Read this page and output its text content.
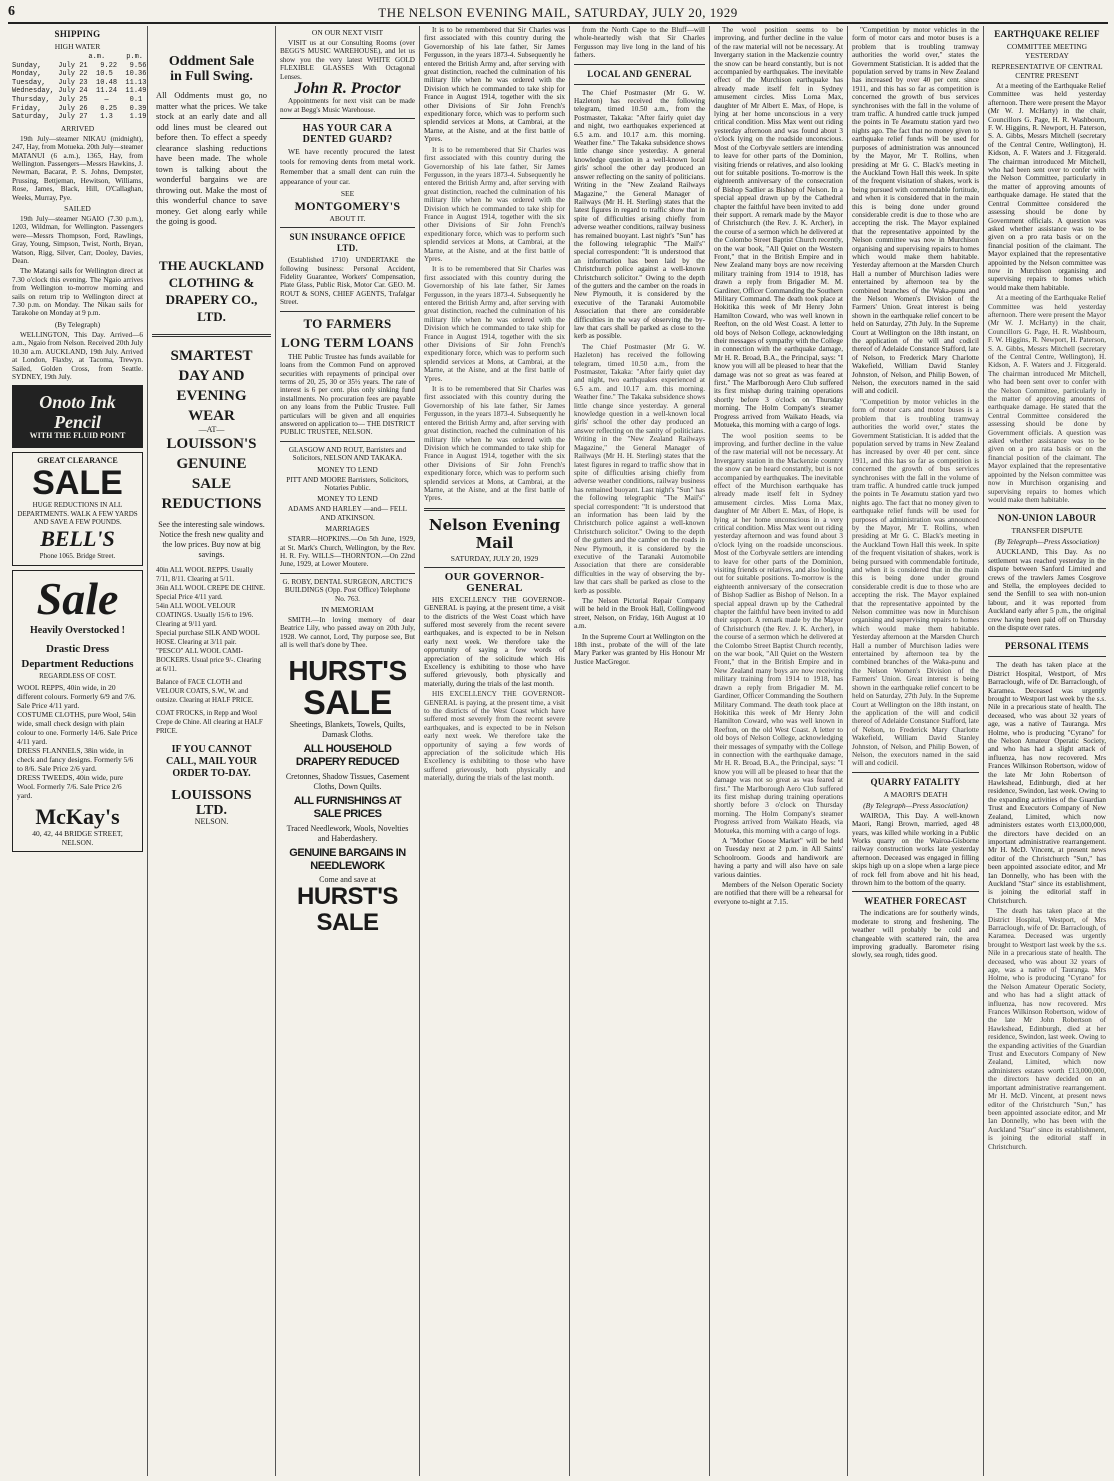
6	THE NELSON EVENING MAIL, SATURDAY, JULY 20, 1929
SHIPPING
HIGH WATER
a.m.     p.m.
Sunday,    July 21   9.22   9.56
Monday,    July 22  10.5   10.36
Tuesday,   July 23  10.48  11.13
Wednesday, July 24  11.24  11.49
Thursday,  July 25    —     0.1
Friday,    July 26   0.25   0.39
Saturday,  July 27   1.3    1.19
ARRIVED

19th July—steamer NIKAU (midnight), 247, Hay, from Motueka. 20th July—steamer MATANUI (6 a.m.), 1365, Hay, from Wellington. Passengers—Messrs Hawkins, J. Newman, Bacarat, P. S. Johns, Dempster, Prussing, Bettjeman, Hewitson, Williams, Rose, James, Black, Hill, O'Callaghan, Weeks, Murray, Pye.

SAILED

19th July—steamer NGAIO (7.30 p.m.), 1203, Wildman, for Wellington. Passengers were—Messrs Thompson, Ford, Rawlings, Gray, Young, Simpson, Twist, North, Bryan, Watson, Rigg, Silver, Carr, Dooley, Davies, Dean.

The Matangi sails for Wellington direct at 7.30 o'clock this evening. The Ngaio arrives from Wellington to-morrow morning and sails on return trip to Wellington direct at 7.30 p.m. on Monday. The Nikau sails for Tarakohe on Monday at 9 p.m.

(By Telegraph)

WELLINGTON, This Day. Arrived—6 a.m., Ngaio from Nelson. Received 20th July 10.30 a.m. AUCKLAND, 19th July. Arrived at London, Flaxby, at Tacoma, Trewyn. Sailed, Golden Cross, from Seattle. SYDNEY, 19th July.

Onoto Ink Pencil
WITH THE FLUID POINT
GREAT CLEARANCE
SALE
HUGE REDUCTIONS IN ALL DEPARTMENTS. WALK A FEW YARDS AND SAVE A FEW POUNDS.
BELL'S
Phone 1065. Bridge Street.
Sale
Heavily Overstocked !
Drastic Dress Department Reductions
REGARDLESS OF COST.
WOOL REPPS, 40in wide, in 20 different colours. Formerly 6/9 and 7/6. Sale Price 4/11 yard.
COSTUME CLOTHS, pure Wool, 54in wide, small check design with plain colour to one. Formerly 14/6. Sale Price 4/11 yard.
DRESS FLANNELS, 38in wide, in check and fancy designs. Formerly 5/6 to 8/6. Sale Price 2/6 yard.
DRESS TWEEDS, 40in wide, pure Wool. Formerly 7/6. Sale Price 2/6 yard.
McKay's
40, 42, 44 BRIDGE STREET, NELSON.
Oddment Sale
in Full Swing.
All Oddments must go, no matter what the prices. We take stock at an early date and all odd lines must be cleared out before then. To effect a speedy clearance slashing reductions have been made. The whole town is talking about the wonderful bargains we are throwing out. Make the most of this wonderful chance to save money. Get along early while the going is good.
THE AUCKLAND CLOTHING & DRAPERY CO., LTD.
SMARTEST DAY AND EVENING WEAR
—AT—
LOUISSON'S GENUINE SALE REDUCTIONS
See the interesting sale windows. Notice the fresh new quality and the low prices. Buy now at big savings.
40in ALL WOOL REPPS. Usually 7/11, 8/11. Clearing at 5/11.
36in ALL WOOL CREPE DE CHINE. Special Price 4/11 yard.
54in ALL WOOL VELOUR COATINGS. Usually 15/6 to 19/6. Clearing at 9/11 yard.
Special purchase SILK AND WOOL HOSE. Clearing at 3/11 pair.
"PESCO" ALL WOOL CAMI-BOCKERS. Usual price 9/-. Clearing at 6/11.
Balance of FACE CLOTH and VELOUR COATS, S.W., W. and outsize. Clearing at HALF PRICE.
COAT FROCKS, in Repp and Wool Crepe de Chine. All clearing at HALF PRICE.
IF YOU CANNOT CALL, MAIL YOUR ORDER TO-DAY.
LOUISSONS LTD.
NELSON.
ON OUR NEXT VISIT

VISIT us at our Consulting Rooms (over BEGG'S MUSIC WAREHOUSE), and let us show you the very latest WHITE GOLD FLEXIBLE GLASSES With Octagonal Lenses.

John R. Proctor

Appointments for next visit can be made now at Begg's Music Warehouse.

HAS YOUR CAR A DENTED GUARD?

WE have recently procured the latest tools for removing dents from metal work. Remember that a small dent can ruin the appearance of your car.

SEE
MONTGOMERY'S
ABOUT IT.
SUN INSURANCE OFFICE LTD.

(Established 1710) UNDERTAKE the following business: Personal Accident, Fidelity Guarantee, Workers' Compensation, Plate Glass, Public Risk, Motor Car. GEO. M. ROUT & SONS, CHIEF AGENTS, Trafalgar Street.

TO FARMERS
LONG TERM LOANS

THE Public Trustee has funds available for loans from the Common Fund on approved securities with repayments of principal over terms of 20, 25, 30 or 35½ years. The rate of interest is 6 per cent. plus only sinking fund installments. No procuration fees are payable on any loans from the Public Trustee. Full particulars will be given and all enquiries answered on application to— THE DISTRICT PUBLIC TRUSTEE, NELSON.

GLASGOW AND ROUT, Barristers and Solicitors, NELSON AND TAKAKA.

MONEY TO LEND

PITT AND MOORE Barristers, Solicitors, Notaries Public.

MONEY TO LEND

ADAMS AND HARLEY —and— FELL AND ATKINSON.

MARRIAGES

STARR—HOPKINS.—On 5th June, 1929, at St. Mark's Church, Wellington, by the Rev. H. R. Fry. WILLS—THORNTON.—On 22nd June, 1929, at Lower Moutere.

G. ROBY, DENTAL SURGEON, ARCTIC'S BUILDINGS (Opp. Post Office) Telephone No. 763.

IN MEMORIAM

SMITH.—In loving memory of dear Beatrice Lily, who passed away on 20th July, 1928. We cannot, Lord, Thy purpose see, But all is well that's done by Thee.

HURST'S
SALE
Sheetings, Blankets, Towels, Quilts, Damask Cloths.
ALL HOUSEHOLD DRAPERY REDUCED
Cretonnes, Shadow Tissues, Casement Cloths, Down Quilts.
ALL FURNISHINGS AT SALE PRICES
Traced Needlework, Wools, Novelties and Haberdashery.
GENUINE BARGAINS IN NEEDLEWORK
Come and save at
HURST'S SALE

It is to be remembered that Sir Charles was first associated with this country during the Governorship of his late father, Sir James Fergusson, in the years 1873-4. Subsequently he entered the British Army and, after serving with great distinction, reached the culmination of his military life when he was ordered with the Division which he commanded to take ship for France in August 1914, together with the six other Divisions of Sir John French's expeditionary force, which was to perform such splendid services at Mons, at Cambrai, at the Marne, at the Aisne, and at the first battle of Ypres.

It is to be remembered that Sir Charles was first associated with this country during the Governorship of his late father, Sir James Fergusson, in the years 1873-4. Subsequently he entered the British Army and, after serving with great distinction, reached the culmination of his military life when he was ordered with the Division which he commanded to take ship for France in August 1914, together with the six other Divisions of Sir John French's expeditionary force, which was to perform such splendid services at Mons, at Cambrai, at the Marne, at the Aisne, and at the first battle of Ypres.

It is to be remembered that Sir Charles was first associated with this country during the Governorship of his late father, Sir James Fergusson, in the years 1873-4. Subsequently he entered the British Army and, after serving with great distinction, reached the culmination of his military life when he was ordered with the Division which he commanded to take ship for France in August 1914, together with the six other Divisions of Sir John French's expeditionary force, which was to perform such splendid services at Mons, at Cambrai, at the Marne, at the Aisne, and at the first battle of Ypres.

It is to be remembered that Sir Charles was first associated with this country during the Governorship of his late father, Sir James Fergusson, in the years 1873-4. Subsequently he entered the British Army and, after serving with great distinction, reached the culmination of his military life when he was ordered with the Division which he commanded to take ship for France in August 1914, together with the six other Divisions of Sir John French's expeditionary force, which was to perform such splendid services at Mons, at Cambrai, at the Marne, at the Aisne, and at the first battle of Ypres.

Nelson Evening Mail
SATURDAY, JULY 20, 1929
OUR GOVERNOR-GENERAL

HIS EXCELLENCY THE GOVERNOR-GENERAL is paying, at the present time, a visit to the districts of the West Coast which have suffered most severely from the recent severe earthquakes, and is expected to be in Nelson early next week. We therefore take the opportunity of saying a few words of appreciation of the solicitude which His Excellency is exhibiting to those who have suffered grievously, both physically and materially, during the trials of the last month.

HIS EXCELLENCY THE GOVERNOR-GENERAL is paying, at the present time, a visit to the districts of the West Coast which have suffered most severely from the recent severe earthquakes, and is expected to be in Nelson early next week. We therefore take the opportunity of saying a few words of appreciation of the solicitude which His Excellency is exhibiting to those who have suffered grievously, both physically and materially, during the trials of the last month.

from the North Cape to the Bluff—will whole-heartedly wish that Sir Charles Fergusson may live long in the land of his fathers.

LOCAL AND GENERAL

The Chief Postmaster (Mr G. W. Hazleton) has received the following telegram, timed 10.50 a.m., from the Postmaster, Takaka: "After fairly quiet day and night, two earthquakes experienced at 6.5 a.m. and 10.17 a.m. this morning. Weather fine." The Takaka subsidence shows little change since yesterday. A general knowledge question in a well-known local girls' school the other day produced an answer reflecting on the sanity of politicians. Writing in the "New Zealand Railways Magazine," the General Manager of Railways (Mr H. H. Sterling) states that the latest figures in regard to traffic show that in spite of difficulties arising chiefly from adverse weather conditions, railway business has remained buoyant. Last night's "Sun" has the following telegraphic "The Mail's" special correspondent: "It is understood that an information has been laid by the Christchurch police against a well-known Christchurch solicitor." Owing to the depth of the gutters and the camber on the roads in New Plymouth, it is considered by the executive of the Taranaki Automobile Association that there are considerable difficulties in the way of observing the by-law that cars shall be parked as close to the kerb as possible.

The Chief Postmaster (Mr G. W. Hazleton) has received the following telegram, timed 10.50 a.m., from the Postmaster, Takaka: "After fairly quiet day and night, two earthquakes experienced at 6.5 a.m. and 10.17 a.m. this morning. Weather fine." The Takaka subsidence shows little change since yesterday. A general knowledge question in a well-known local girls' school the other day produced an answer reflecting on the sanity of politicians. Writing in the "New Zealand Railways Magazine," the General Manager of Railways (Mr H. H. Sterling) states that the latest figures in regard to traffic show that in spite of difficulties arising chiefly from adverse weather conditions, railway business has remained buoyant. Last night's "Sun" has the following telegraphic "The Mail's" special correspondent: "It is understood that an information has been laid by the Christchurch police against a well-known Christchurch solicitor." Owing to the depth of the gutters and the camber on the roads in New Plymouth, it is considered by the executive of the Taranaki Automobile Association that there are considerable difficulties in the way of observing the by-law that cars shall be parked as close to the kerb as possible.

The Nelson Pictorial Repair Company will be held in the Brook Hall, Collingwood street, Nelson, on Friday, 16th August at 10 a.m.

In the Supreme Court at Wellington on the 18th inst., probate of the will of the late Mary Parker was granted by His Honour Mr Justice MacGregor.

The wool position seems to be improving, and further decline in the value of the raw material will not be necessary. At Invergarry station in the Mackenzie country the snow can be heard constantly, but is not accompanied by earthquakes. The inevitable effect of the Murchison earthquake has already made itself felt in Sydney amusement circles. Miss Lorna Max, daughter of Mr Albert E. Max, of Hope, is lying at her home unconscious in a very critical condition. Miss Max went out riding yesterday afternoon and was found about 3 o'clock lying on the roadside unconscious. Most of the Corbyvale settlers are intending to leave for other parts of the Dominion, visiting friends or relatives, and also looking out for suitable positions. To-morrow is the eighteenth anniversary of the consecration of Bishop Sadlier as Bishop of Nelson. In a special appeal drawn up by the Cathedral chapter the faithful have been invited to add their support. A remark made by the Mayor of Christchurch (the Rev. J. K. Archer), in the course of a sermon which he delivered at the Colombo Street Baptist Church recently, on the war book, "All Quiet on the Western Front," that in the British Empire and in New Zealand many boys are now receiving military training from 1914 to 1918, has drawn a reply from Brigadier M. M. Gardiner, Officer Commanding the Southern Military Command. The death took place at Hokitika this week of Mr Henry John Hamilton Coward, who was well known in Reefton, on the old West Coast. A letter to old boys of Nelson College, acknowledging their messages of sympathy with the College in connection with the earthquake damage, Mr H. R. Broad, B.A., the Principal, says: "I know you will all be pleased to hear that the damage was not so great as was feared at first." The Marlborough Aero Club suffered its first mishap during training operations shortly before 3 o'clock on Thursday morning. The Holm Company's steamer Progress arrived from Waikato Heads, via Motueka, this morning with a cargo of logs.

The wool position seems to be improving, and further decline in the value of the raw material will not be necessary. At Invergarry station in the Mackenzie country the snow can be heard constantly, but is not accompanied by earthquakes. The inevitable effect of the Murchison earthquake has already made itself felt in Sydney amusement circles. Miss Lorna Max, daughter of Mr Albert E. Max, of Hope, is lying at her home unconscious in a very critical condition. Miss Max went out riding yesterday afternoon and was found about 3 o'clock lying on the roadside unconscious. Most of the Corbyvale settlers are intending to leave for other parts of the Dominion, visiting friends or relatives, and also looking out for suitable positions. To-morrow is the eighteenth anniversary of the consecration of Bishop Sadlier as Bishop of Nelson. In a special appeal drawn up by the Cathedral chapter the faithful have been invited to add their support. A remark made by the Mayor of Christchurch (the Rev. J. K. Archer), in the course of a sermon which he delivered at the Colombo Street Baptist Church recently, on the war book, "All Quiet on the Western Front," that in the British Empire and in New Zealand many boys are now receiving military training from 1914 to 1918, has drawn a reply from Brigadier M. M. Gardiner, Officer Commanding the Southern Military Command. The death took place at Hokitika this week of Mr Henry John Hamilton Coward, who was well known in Reefton, on the old West Coast. A letter to old boys of Nelson College, acknowledging their messages of sympathy with the College in connection with the earthquake damage, Mr H. R. Broad, B.A., the Principal, says: "I know you will all be pleased to hear that the damage was not so great as was feared at first." The Marlborough Aero Club suffered its first mishap during training operations shortly before 3 o'clock on Thursday morning. The Holm Company's steamer Progress arrived from Waikato Heads, via Motueka, this morning with a cargo of logs.

A "Mother Goose Market" will be held on Tuesday next at 2 p.m. in All Saints' Schoolroom. Goods and handiwork are having a party and will also have on sale various dainties.

Members of the Nelson Operatic Society are notified that there will be a rehearsal for everyone to-night at 7.15.

"Competition by motor vehicles in the form of motor cars and motor buses is a problem that is troubling tramway authorities the world over," states the Government Statistician. It is added that the population served by trams in New Zealand has increased by over 40 per cent. since 1911, and this has so far as competition is concerned the growth of bus services synchronises with the fall in the volume of tram traffic. A hundred cattle truck jumped the points in Te Awamutu station yard two nights ago. The fact that no money given to earthquake relief funds will be used for purposes of administration was announced by the Mayor, Mr T. Rollins, when presiding at Mr G. C. Black's meeting in the Auckland Town Hall this week. In spite of the frequent visitation of shakes, work is being pursued with commendable fortitude, and when it is considered that in the main this is being done under ground considerable credit is due to those who are accepting the risk. The Mayor explained that the representative appointed by the Nelson committee was now in Murchison organising and supervising repairs to homes which would make them habitable. Yesterday afternoon at the Marsden Church Hall a number of Murchison ladies were entertained by afternoon tea by the combined branches of the Waka-punu and the Nelson Women's Division of the Farmers' Union. Great interest is being shown in the earthquake relief concert to be held on Saturday, 27th July. In the Supreme Court at Wellington on the 18th instant, on the application of the will and codicil thereof of Adelaide Constance Stafford, late of Nelson, to Frederick Mary Charlotte Wakefield, William David Stanley Johnston, of Nelson, and Philip Bowen, of Nelson, the executors named in the said will and codicil.

"Competition by motor vehicles in the form of motor cars and motor buses is a problem that is troubling tramway authorities the world over," states the Government Statistician. It is added that the population served by trams in New Zealand has increased by over 40 per cent. since 1911, and this has so far as competition is concerned the growth of bus services synchronises with the fall in the volume of tram traffic. A hundred cattle truck jumped the points in Te Awamutu station yard two nights ago. The fact that no money given to earthquake relief funds will be used for purposes of administration was announced by the Mayor, Mr T. Rollins, when presiding at Mr G. C. Black's meeting in the Auckland Town Hall this week. In spite of the frequent visitation of shakes, work is being pursued with commendable fortitude, and when it is considered that in the main this is being done under ground considerable credit is due to those who are accepting the risk. The Mayor explained that the representative appointed by the Nelson committee was now in Murchison organising and supervising repairs to homes which would make them habitable. Yesterday afternoon at the Marsden Church Hall a number of Murchison ladies were entertained by afternoon tea by the combined branches of the Waka-punu and the Nelson Women's Division of the Farmers' Union. Great interest is being shown in the earthquake relief concert to be held on Saturday, 27th July. In the Supreme Court at Wellington on the 18th instant, on the application of the will and codicil thereof of Adelaide Constance Stafford, late of Nelson, to Frederick Mary Charlotte Wakefield, William David Stanley Johnston, of Nelson, and Philip Bowen, of Nelson, the executors named in the said will and codicil.

QUARRY FATALITY
A MAORI'S DEATH
(By Telegraph—Press Association)

WAIROA, This Day. A well-known Maori, Rangi Brown, married, aged 48 years, was killed while working in a Public Works quarry on the Wairoa-Gisborne railway construction works late yesterday afternoon. Deceased was engaged in filling skips high up on a slope when a large piece of rock fell from above and hit his head, thrown him to the bottom of the quarry.

WEATHER FORECAST

The indications are for southerly winds, moderate to strong and freshening. The weather will probably be cold and changeable with scattered rain, the area improving gradually. Barometer rising slowly, sea rough, tides good.

EARTHQUAKE RELIEF
COMMITTEE MEETING YESTERDAY
REPRESENTATIVE OF CENTRAL CENTRE PRESENT

At a meeting of the Earthquake Relief Committee was held yesterday afternoon. There were present the Mayor (Mr W. J. McHarty) in the chair, Councillors G. Page, H. R. Washbourn, F. W. Higgins, R. Newport, H. Paterson, S. A. Gibbs, Messrs Mitchell (secretary of the Central Centre, Wellington), H. Kidson, A. F. Waters and J. Fitzgerald. The chairman introduced Mr Mitchell, who had been sent over to confer with the Nelson Committee, particularly in the matter of approving amounts of earthquake damage. He stated that the Central Committee considered the assessing should be done by Government officials. A question was asked whether assistance was to be given on a pro rata basis or on the financial position of the claimant. The Mayor explained that the representative appointed by the Nelson committee was now in Murchison organising and supervising repairs to homes which would make them habitable.

At a meeting of the Earthquake Relief Committee was held yesterday afternoon. There were present the Mayor (Mr W. J. McHarty) in the chair, Councillors G. Page, H. R. Washbourn, F. W. Higgins, R. Newport, H. Paterson, S. A. Gibbs, Messrs Mitchell (secretary of the Central Centre, Wellington), H. Kidson, A. F. Waters and J. Fitzgerald. The chairman introduced Mr Mitchell, who had been sent over to confer with the Nelson Committee, particularly in the matter of approving amounts of earthquake damage. He stated that the Central Committee considered the assessing should be done by Government officials. A question was asked whether assistance was to be given on a pro rata basis or on the financial position of the claimant. The Mayor explained that the representative appointed by the Nelson committee was now in Murchison organising and supervising repairs to homes which would make them habitable.

NON-UNION LABOUR
TRANSFER DISPUTE
(By Telegraph—Press Association)

AUCKLAND, This Day. As no settlement was reached yesterday in the dispute between Sanford Limited and crews of the trawlers James Cosgrove and Stella, the employees decided to send the Senfill to sea with non-union labour, and it was reported from Auckland early after 5 p.m., the original crew having been paid off on Thursday on the dispute over rates.

PERSONAL ITEMS

The death has taken place at the District Hospital, Westport, of Mrs Barraclough, wife of Dr. Barraclough, of Karamea. Deceased was urgently brought to Westport last week by the s.s. Nile in a precarious state of health. The deceased, who was about 32 years of age, was a native of Tauranga. Mrs Holme, who is producing "Cyrano" for the Nelson Amateur Operatic Society, and who has had a slight attack of influenza, has now recovered. Mrs Frances Wilkinson Robertson, widow of the late Mr John Robertson of Hawkshead, Edinburgh, died at her residence, Swindon, last week. Owing to the expanding activities of the Guardian Trust and Executors Company of New Zealand, Limited, which now administers estates worth £13,000,000, the directors have decided on an important administrative rearrangement. Mr H. McD. Vincent, at present news editor of the Christchurch "Sun," has been appointed associate editor, and Mr Ian Donnelly, who has been with the Auckland "Star" since its establishment, is joining the editorial staff in Christchurch.

The death has taken place at the District Hospital, Westport, of Mrs Barraclough, wife of Dr. Barraclough, of Karamea. Deceased was urgently brought to Westport last week by the s.s. Nile in a precarious state of health. The deceased, who was about 32 years of age, was a native of Tauranga. Mrs Holme, who is producing "Cyrano" for the Nelson Amateur Operatic Society, and who has had a slight attack of influenza, has now recovered. Mrs Frances Wilkinson Robertson, widow of the late Mr John Robertson of Hawkshead, Edinburgh, died at her residence, Swindon, last week. Owing to the expanding activities of the Guardian Trust and Executors Company of New Zealand, Limited, which now administers estates worth £13,000,000, the directors have decided on an important administrative rearrangement. Mr H. McD. Vincent, at present news editor of the Christchurch "Sun," has been appointed associate editor, and Mr Ian Donnelly, who has been with the Auckland "Star" since its establishment, is joining the editorial staff in Christchurch.
